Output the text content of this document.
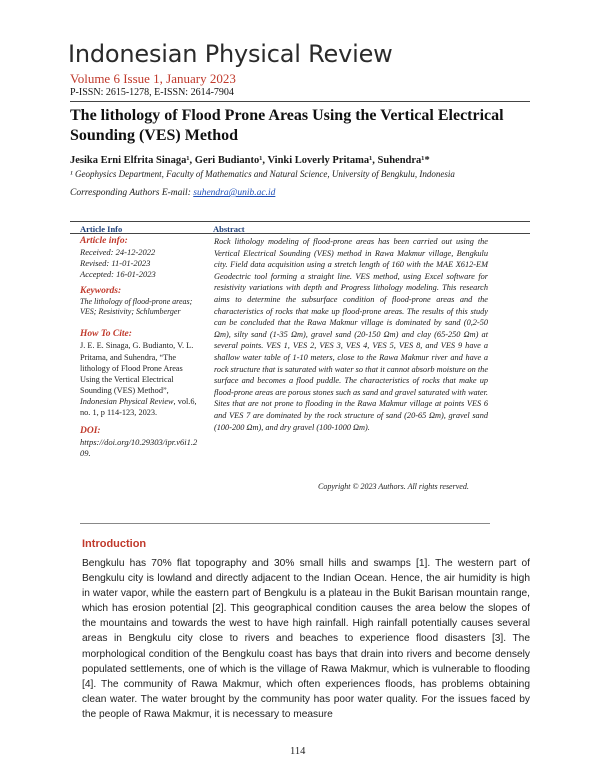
Indonesian Physical Review
Volume 6 Issue 1, January 2023
P-ISSN: 2615-1278, E-ISSN: 2614-7904
The lithology of Flood Prone Areas Using the Vertical Electrical Sounding (VES) Method
Jesika Erni Elfrita Sinaga¹, Geri Budianto¹, Vinki Loverly Pritama¹, Suhendra¹*
¹ Geophysics Department, Faculty of Mathematics and Natural Science, University of Bengkulu, Indonesia
Corresponding Authors E-mail: suhendra@unib.ac.id
Article Info	Abstract
Article info:
Received: 24-12-2022
Revised: 11-01-2023
Accepted: 16-01-2023
Keywords:
The lithology of flood-prone areas; VES; Resistivity; Schlumberger
How To Cite:
J. E. E. Sinaga, G. Budianto, V. L. Pritama, and Suhendra, “The lithology of Flood Prone Areas Using the Vertical Electrical Sounding (VES) Method”, Indonesian Physical Review, vol.6, no. 1, p 114-123, 2023.
DOI:
https://doi.org/10.29303/ipr.v6i1.209.
Rock lithology modeling of flood-prone areas has been carried out using the Vertical Electrical Sounding (VES) method in Rawa Makmur village, Bengkulu city. Field data acquisition using a stretch length of 160 with the MAE X612-EM Geodectric tool forming a straight line. VES method, using Excel software for resistivity variations with depth and Progress lithology modeling. This research aims to determine the subsurface condition of flood-prone areas and the characteristics of rocks that make up flood-prone areas. The results of this study can be concluded that the Rawa Makmur village is dominated by sand (0,2-50 Ωm), silty sand (1-35 Ωm), gravel sand (20-150 Ωm) and clay (65-250 Ωm) at several points. VES 1, VES 2, VES 3, VES 4, VES 5, VES 8, and VES 9 have a shallow water table of 1-10 meters, close to the Rawa Makmur river and have a rock structure that is saturated with water so that it cannot absorb moisture on the surface and becomes a flood puddle. The characteristics of rocks that make up flood-prone areas are porous stones such as sand and gravel saturated with water. Sites that are not prone to flooding in the Rawa Makmur village at points VES 6 and VES 7 are dominated by the rock structure of sand (20-65 Ωm), gravel sand (100-200 Ωm), and dry gravel (100-1000 Ωm).
Copyright © 2023 Authors. All rights reserved.
Introduction
Bengkulu has 70% flat topography and 30% small hills and swamps [1]. The western part of Bengkulu city is lowland and directly adjacent to the Indian Ocean. Hence, the air humidity is high in water vapor, while the eastern part of Bengkulu is a plateau in the Bukit Barisan mountain range, which has erosion potential [2]. This geographical condition causes the area below the slopes of the mountains and towards the west to have high rainfall. High rainfall potentially causes several areas in Bengkulu city close to rivers and beaches to experience flood disasters [3]. The morphological condition of the Bengkulu coast has bays that drain into rivers and become densely populated settlements, one of which is the village of Rawa Makmur, which is vulnerable to flooding [4]. The community of Rawa Makmur, which often experiences floods, has problems obtaining clean water. The water brought by the community has poor water quality. For the issues faced by the people of Rawa Makmur, it is necessary to measure
114
